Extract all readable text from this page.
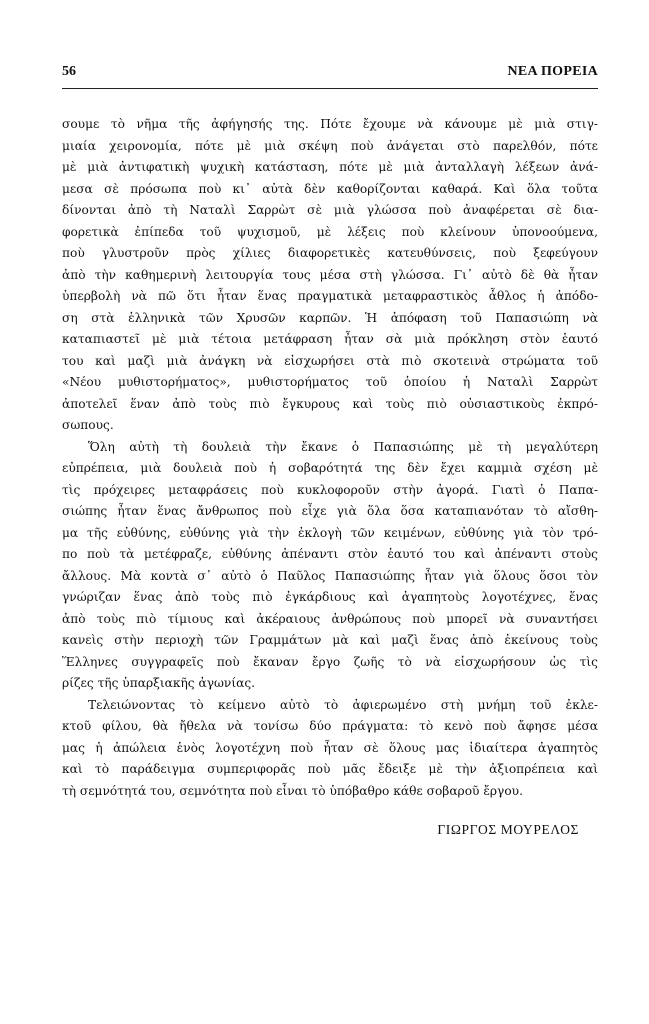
56	ΝΕΑ ΠΟΡΕΙΑ
σουμε τὸ νῆμα τῆς ἀφήγησής της. Πότε ἔχουμε νὰ κάνουμε μὲ μιὰ στιγ-
μιαία χειρονομία, πότε μὲ μιὰ σκέψη ποὺ ἀνάγεται στὸ παρελθόν, πότε
μὲ μιὰ ἀντιφατικὴ ψυχικὴ κατάσταση, πότε μὲ μιὰ ἀνταλλαγὴ λέξεων ἀνά-
μεσα σὲ πρόσωπα ποὺ κι᾿ αὐτὰ δὲν καθορίζονται καθαρά. Καὶ ὅλα τοῦτα
δίνονται ἀπὸ τὴ Ναταλὶ Σαρρὼτ σὲ μιὰ γλώσσα ποὺ ἀναφέρεται σὲ δια-
φορετικὰ ἐπίπεδα τοῦ ψυχισμοῦ, μὲ λέξεις ποὺ κλείνουν ὑπονοούμενα,
ποὺ γλυστροῦν πρὸς χίλιες διαφορετικὲς κατευθύνσεις, ποὺ ξεφεύγουν
ἀπὸ τὴν καθημερινὴ λειτουργία τους μέσα στὴ γλώσσα. Γι᾿ αὐτὸ δὲ θὰ ἦταν
ὑπερβολὴ νὰ πῶ ὅτι ἦταν ἕνας πραγματικὰ μεταφραστικὸς ἆθλος ἡ ἀπόδο-
ση στὰ ἑλληνικὰ τῶν Χρυσῶν καρπῶν. Ἡ ἀπόφαση τοῦ Παπασιώπη νὰ
καταπιαστεῖ μὲ μιὰ τέτοια μετάφραση ἦταν σὰ μιὰ πρόκληση στὸν ἑαυτό
του καὶ μαζὶ μιὰ ἀνάγκη νὰ εἰσχωρήσει στὰ πιὸ σκοτεινὰ στρώματα τοῦ
«Νέου μυθιστορήματος», μυθιστορήματος τοῦ ὁποίου ἡ Ναταλὶ Σαρρὼτ
ἀποτελεῖ ἕναν ἀπὸ τοὺς πιὸ ἔγκυρους καὶ τοὺς πιὸ οὐσιαστικοὺς ἐκπρό-
σωπους.
Ὅλη αὐτὴ τὴ δουλειὰ τὴν ἔκανε ὁ Παπασιώπης μὲ τὴ μεγαλύτερη
εὐπρέπεια, μιὰ δουλειὰ ποὺ ἡ σοβαρότητά της δὲν ἔχει καμμιὰ σχέση μὲ
τὶς πρόχειρες μεταφράσεις ποὺ κυκλοφοροῦν στὴν ἀγορά. Γιατὶ ὁ Παπα-
σιώπης ἦταν ἕνας ἄνθρωπος ποὺ εἶχε γιὰ ὅλα ὅσα καταπιανόταν τὸ αἴσθη-
μα τῆς εὐθύνης, εὐθύνης γιὰ τὴν ἐκλογὴ τῶν κειμένων, εὐθύνης γιὰ τὸν τρό-
πο ποὺ τὰ μετέφραζε, εὐθύνης ἀπέναντι στὸν ἑαυτό του καὶ ἀπέναντι στοὺς
ἄλλους. Μὰ κοντὰ σ᾿ αὐτὸ ὁ Παῦλος Παπασιώπης ἦταν γιὰ ὅλους ὅσοι τὸν
γνώριζαν ἕνας ἀπὸ τοὺς πιὸ ἐγκάρδιους καὶ ἀγαπητοὺς λογοτέχνες, ἕνας
ἀπὸ τοὺς πιὸ τίμιους καὶ ἀκέραιους ἀνθρώπους ποὺ μπορεῖ νὰ συναντήσει
κανεὶς στὴν περιοχὴ τῶν Γραμμάτων μὰ καὶ μαζὶ ἕνας ἀπὸ ἐκείνους τοὺς
Ἕλληνες συγγραφεῖς ποὺ ἔκαναν ἔργο ζωῆς τὸ νὰ εἰσχωρήσουν ὡς τὶς
ρίζες τῆς ὑπαρξιακῆς ἀγωνίας.
Τελειώνοντας τὸ κείμενο αὐτὸ τὸ ἀφιερωμένο στὴ μνήμη τοῦ ἐκλε-
κτοῦ φίλου, θὰ ἤθελα νὰ τονίσω δύο πράγματα: τὸ κενὸ ποὺ ἄφησε μέσα
μας ἡ ἀπώλεια ἑνὸς λογοτέχνη ποὺ ἦταν σὲ ὅλους μας ἰδιαίτερα ἀγαπητὸς
καὶ τὸ παράδειγμα συμπεριφορᾶς ποὺ μᾶς ἔδειξε μὲ τὴν ἀξιοπρέπεια καὶ
τὴ σεμνότητά του, σεμνότητα ποὺ εἶναι τὸ ὑπόβαθρο κάθε σοβαροῦ ἔργου.
ΓΙΩΡΓΟΣ ΜΟΥΡΕΛΟΣ
